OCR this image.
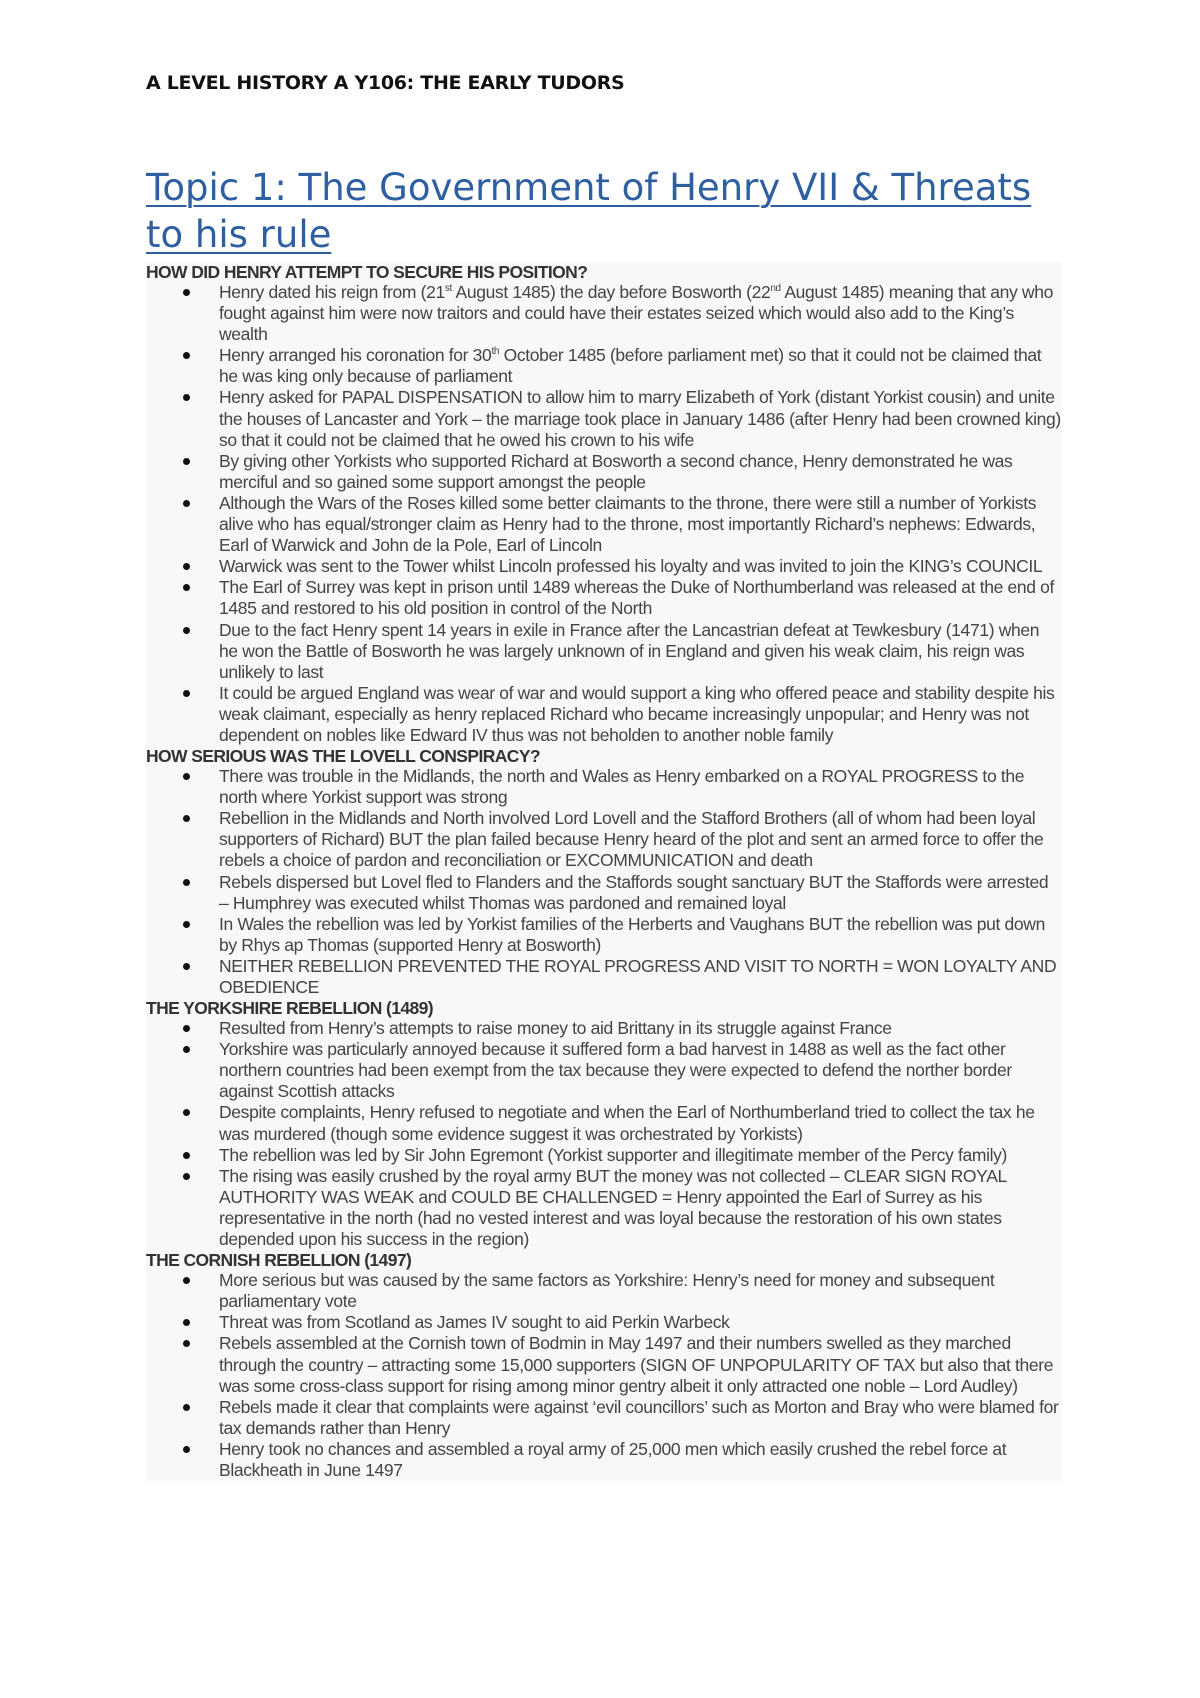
A LEVEL HISTORY A Y106: THE EARLY TUDORS
Topic 1: The Government of Henry VII & Threats to his rule
HOW DID HENRY ATTEMPT TO SECURE HIS POSITION?
Henry dated his reign from (21st August 1485) the day before Bosworth (22nd August 1485) meaning that any who fought against him were now traitors and could have their estates seized which would also add to the King’s wealth
Henry arranged his coronation for 30th October 1485 (before parliament met) so that it could not be claimed that he was king only because of parliament
Henry asked for PAPAL DISPENSATION to allow him to marry Elizabeth of York (distant Yorkist cousin) and unite the houses of Lancaster and York – the marriage took place in January 1486 (after Henry had been crowned king) so that it could not be claimed that he owed his crown to his wife
By giving other Yorkists who supported Richard at Bosworth a second chance, Henry demonstrated he was merciful and so gained some support amongst the people
Although the Wars of the Roses killed some better claimants to the throne, there were still a number of Yorkists alive who has equal/stronger claim as Henry had to the throne, most importantly Richard’s nephews: Edwards, Earl of Warwick and John de la Pole, Earl of Lincoln
Warwick was sent to the Tower whilst Lincoln professed his loyalty and was invited to join the KING’s COUNCIL
The Earl of Surrey was kept in prison until 1489 whereas the Duke of Northumberland was released at the end of 1485 and restored to his old position in control of the North
Due to the fact Henry spent 14 years in exile in France after the Lancastrian defeat at Tewkesbury (1471) when he won the Battle of Bosworth he was largely unknown of in England and given his weak claim, his reign was unlikely to last
It could be argued England was wear of war and would support a king who offered peace and stability despite his weak claimant, especially as henry replaced Richard who became increasingly unpopular; and Henry was not dependent on nobles like Edward IV thus was not beholden to another noble family
HOW SERIOUS WAS THE LOVELL CONSPIRACY?
There was trouble in the Midlands, the north and Wales as Henry embarked on a ROYAL PROGRESS to the north where Yorkist support was strong
Rebellion in the Midlands and North involved Lord Lovell and the Stafford Brothers (all of whom had been loyal supporters of Richard) BUT the plan failed because Henry heard of the plot and sent an armed force to offer the rebels a choice of pardon and reconciliation or EXCOMMUNICATION and death
Rebels dispersed but Lovel fled to Flanders and the Staffords sought sanctuary BUT the Staffords were arrested – Humphrey was executed whilst Thomas was pardoned and remained loyal
In Wales the rebellion was led by Yorkist families of the Herberts and Vaughans BUT the rebellion was put down by Rhys ap Thomas (supported Henry at Bosworth)
NEITHER REBELLION PREVENTED THE ROYAL PROGRESS AND VISIT TO NORTH = WON LOYALTY AND OBEDIENCE
THE YORKSHIRE REBELLION (1489)
Resulted from Henry’s attempts to raise money to aid Brittany in its struggle against France
Yorkshire was particularly annoyed because it suffered form a bad harvest in 1488 as well as the fact other northern countries had been exempt from the tax because they were expected to defend the norther border against Scottish attacks
Despite complaints, Henry refused to negotiate and when the Earl of Northumberland tried to collect the tax he was murdered (though some evidence suggest it was orchestrated by Yorkists)
The rebellion was led by Sir John Egremont (Yorkist supporter and illegitimate member of the Percy family)
The rising was easily crushed by the royal army BUT the money was not collected – CLEAR SIGN ROYAL AUTHORITY WAS WEAK and COULD BE CHALLENGED = Henry appointed the Earl of Surrey as his representative in the north (had no vested interest and was loyal because the restoration of his own states depended upon his success in the region)
THE CORNISH REBELLION (1497)
More serious but was caused by the same factors as Yorkshire: Henry’s need for money and subsequent parliamentary vote
Threat was from Scotland as James IV sought to aid Perkin Warbeck
Rebels assembled at the Cornish town of Bodmin in May 1497 and their numbers swelled as they marched through the country – attracting some 15,000 supporters (SIGN OF UNPOPULARITY OF TAX but also that there was some cross-class support for rising among minor gentry albeit it only attracted one noble – Lord Audley)
Rebels made it clear that complaints were against ‘evil councillors’ such as Morton and Bray who were blamed for tax demands rather than Henry
Henry took no chances and assembled a royal army of 25,000 men which easily crushed the rebel force at Blackheath in June 1497
